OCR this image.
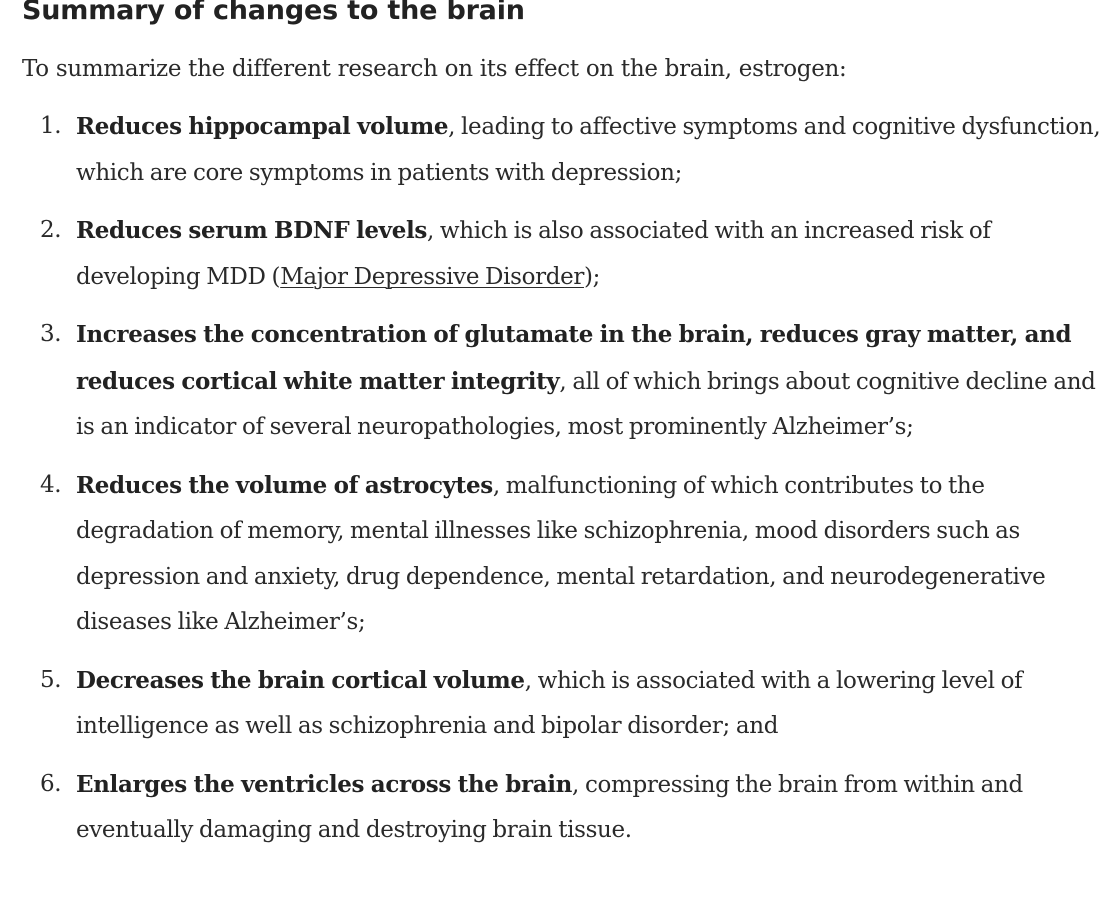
Summary of changes to the brain

To summarize the different research on its effect on the brain, estrogen:

1. Reduces hippocampal volume, leading to affective symptoms and cognitive dysfunction, which are core symptoms in patients with depression;
2. Reduces serum BDNF levels, which is also associated with an increased risk of developing MDD (Major Depressive Disorder);
3. Increases the concentration of glutamate in the brain, reduces gray matter, and reduces cortical white matter integrity, all of which brings about cognitive decline and is an indicator of several neuropathologies, most prominently Alzheimer’s;
4. Reduces the volume of astrocytes, malfunctioning of which contributes to the degradation of memory, mental illnesses like schizophrenia, mood disorders such as depression and anxiety, drug dependence, mental retardation, and neurodegenerative diseases like Alzheimer’s;
5. Decreases the brain cortical volume, which is associated with a lowering level of intelligence as well as schizophrenia and bipolar disorder; and
6. Enlarges the ventricles across the brain, compressing the brain from within and eventually damaging and destroying brain tissue.
